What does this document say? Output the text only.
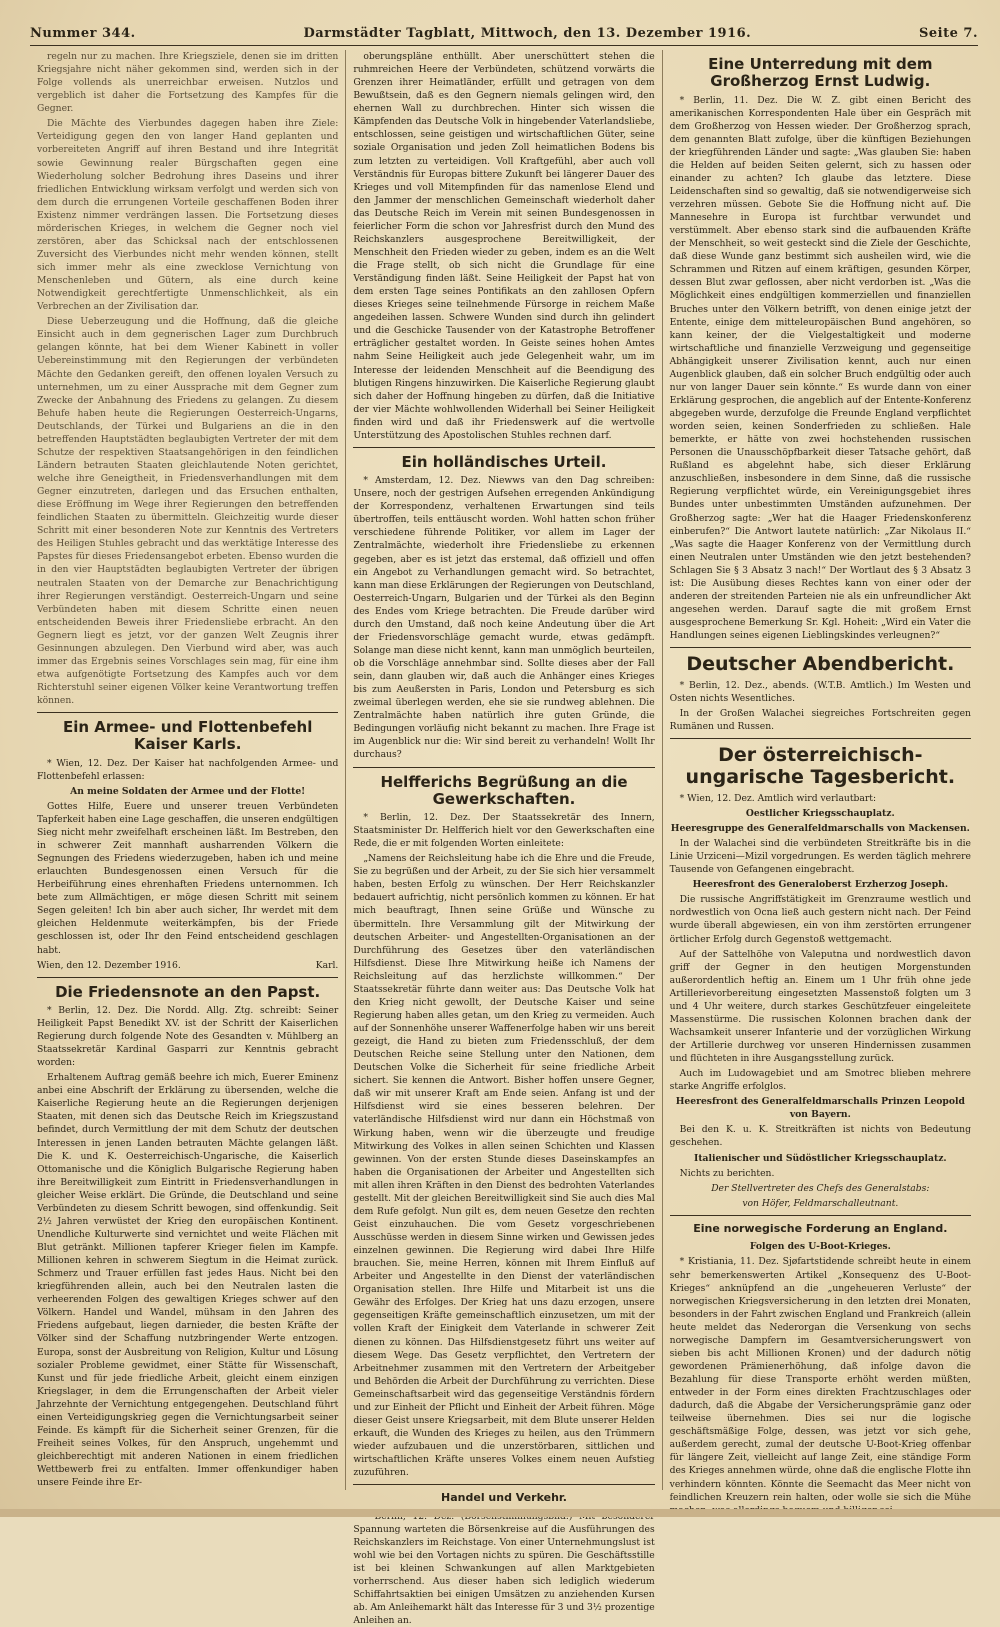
Nummer 344.	Darmstädter Tagblatt, Mittwoch, den 13. Dezember 1916.	Seite 7.

regeln nur zu machen. Ihre Kriegsziele, denen sie im dritten Kriegsjahre nicht näher gekommen sind, werden sich in der Folge vollends als unerreichbar erweisen. Nutzlos und vergeblich ist daher die Fortsetzung des Kampfes für die Gegner.

Die Mächte des Vierbundes dagegen haben ihre Ziele: Verteidigung gegen den von langer Hand geplanten und vorbereiteten Angriff auf ihren Bestand und ihre Integrität sowie Gewinnung realer Bürgschaften gegen eine Wiederholung solcher Bedrohung ihres Daseins und ihrer friedlichen Entwicklung wirksam verfolgt und werden sich von dem durch die errungenen Vorteile geschaffenen Boden ihrer Existenz nimmer verdrängen lassen. Die Fortsetzung dieses mörderischen Krieges, in welchem die Gegner noch viel zerstören, aber das Schicksal nach der entschlossenen Zuversicht des Vierbundes nicht mehr wenden können, stellt sich immer mehr als eine zwecklose Vernichtung von Menschenleben und Gütern, als eine durch keine Notwendigkeit gerechtfertigte Unmenschlichkeit, als ein Verbrechen an der Zivilisation dar.

Diese Ueberzeugung und die Hoffnung, daß die gleiche Einsicht auch in dem gegnerischen Lager zum Durchbruch gelangen könnte, hat bei dem Wiener Kabinett in voller Uebereinstimmung mit den Regierungen der verbündeten Mächte den Gedanken gereift, den offenen loyalen Versuch zu unternehmen, um zu einer Aussprache mit dem Gegner zum Zwecke der Anbahnung des Friedens zu gelangen. Zu diesem Behufe haben heute die Regierungen Oesterreich-Ungarns, Deutschlands, der Türkei und Bulgariens an die in den betreffenden Hauptstädten beglaubigten Vertreter der mit dem Schutze der respektiven Staatsangehörigen in den feindlichen Ländern betrauten Staaten gleichlautende Noten gerichtet, welche ihre Geneigtheit, in Friedensverhandlungen mit dem Gegner einzutreten, darlegen und das Ersuchen enthalten, diese Eröffnung im Wege ihrer Regierungen den betreffenden feindlichen Staaten zu übermitteln. Gleichzeitig wurde dieser Schritt mit einer besonderen Note zur Kenntnis des Vertreters des Heiligen Stuhles gebracht und das werktätige Interesse des Papstes für dieses Friedensangebot erbeten. Ebenso wurden die in den vier Hauptstädten beglaubigten Vertreter der übrigen neutralen Staaten von der Demarche zur Benachrichtigung ihrer Regierungen verständigt. Oesterreich-Ungarn und seine Verbündeten haben mit diesem Schritte einen neuen entscheidenden Beweis ihrer Friedensliebe erbracht. An den Gegnern liegt es jetzt, vor der ganzen Welt Zeugnis ihrer Gesinnungen abzulegen. Den Vierbund wird aber, was auch immer das Ergebnis seines Vorschlages sein mag, für eine ihm etwa aufgenötigte Fortsetzung des Kampfes auch vor dem Richterstuhl seiner eigenen Völker keine Verantwortung treffen können.

Ein Armee- und Flottenbefehl Kaiser Karls.

* Wien, 12. Dez. Der Kaiser hat nachfolgenden Armee- und Flottenbefehl erlassen:

An meine Soldaten der Armee und der Flotte!

Gottes Hilfe, Euere und unserer treuen Verbündeten Tapferkeit haben eine Lage geschaffen, die unseren endgültigen Sieg nicht mehr zweifelhaft erscheinen läßt. Im Bestreben, den in schwerer Zeit mannhaft ausharrenden Völkern die Segnungen des Friedens wiederzugeben, haben ich und meine erlauchten Bundesgenossen einen Versuch für die Herbeiführung eines ehrenhaften Friedens unternommen. Ich bete zum Allmächtigen, er möge diesen Schritt mit seinem Segen geleiten! Ich bin aber auch sicher, Ihr werdet mit dem gleichen Heldenmute weiterkämpfen, bis der Friede geschlossen ist, oder Ihr den Feind entscheidend geschlagen habt.

Wien, den 12. Dezember 1916.	Karl.
Die Friedensnote an den Papst.

* Berlin, 12. Dez. Die Nordd. Allg. Ztg. schreibt: Seiner Heiligkeit Papst Benedikt XV. ist der Schritt der Kaiserlichen Regierung durch folgende Note des Gesandten v. Mühlberg an Staatssekretär Kardinal Gasparri zur Kenntnis gebracht worden:

Erhaltenem Auftrag gemäß beehre ich mich, Euerer Eminenz anbei eine Abschrift der Erklärung zu übersenden, welche die Kaiserliche Regierung heute an die Regierungen derjenigen Staaten, mit denen sich das Deutsche Reich im Kriegszustand befindet, durch Vermittlung der mit dem Schutz der deutschen Interessen in jenen Landen betrauten Mächte gelangen läßt. Die K. und K. Oesterreichisch-Ungarische, die Kaiserlich Ottomanische und die Königlich Bulgarische Regierung haben ihre Bereitwilligkeit zum Eintritt in Friedensverhandlungen in gleicher Weise erklärt. Die Gründe, die Deutschland und seine Verbündeten zu diesem Schritt bewogen, sind offenkundig. Seit 2½ Jahren verwüstet der Krieg den europäischen Kontinent. Unendliche Kulturwerte sind vernichtet und weite Flächen mit Blut getränkt. Millionen tapferer Krieger fielen im Kampfe. Millionen kehren in schwerem Siegtum in die Heimat zurück. Schmerz und Trauer erfüllen fast jedes Haus. Nicht bei den kriegführenden allein, auch bei den Neutralen lasten die verheerenden Folgen des gewaltigen Krieges schwer auf den Völkern. Handel und Wandel, mühsam in den Jahren des Friedens aufgebaut, liegen darnieder, die besten Kräfte der Völker sind der Schaffung nutzbringender Werte entzogen. Europa, sonst der Ausbreitung von Religion, Kultur und Lösung sozialer Probleme gewidmet, einer Stätte für Wissenschaft, Kunst und für jede friedliche Arbeit, gleicht einem einzigen Kriegslager, in dem die Errungenschaften der Arbeit vieler Jahrzehnte der Vernichtung entgegengehen. Deutschland führt einen Verteidigungskrieg gegen die Vernichtungsarbeit seiner Feinde. Es kämpft für die Sicherheit seiner Grenzen, für die Freiheit seines Volkes, für den Anspruch, ungehemmt und gleichberechtigt mit anderen Nationen in einem friedlichen Wettbewerb frei zu entfalten. Immer offenkundiger haben unsere Feinde ihre Er-

oberungspläne enthüllt. Aber unerschüttert stehen die ruhmreichen Heere der Verbündeten, schützend vorwärts die Grenzen ihrer Heimatländer, erfüllt und getragen von dem Bewußtsein, daß es den Gegnern niemals gelingen wird, den ehernen Wall zu durchbrechen. Hinter sich wissen die Kämpfenden das Deutsche Volk in hingebender Vaterlandsliebe, entschlossen, seine geistigen und wirtschaftlichen Güter, seine soziale Organisation und jeden Zoll heimatlichen Bodens bis zum letzten zu verteidigen. Voll Kraftgefühl, aber auch voll Verständnis für Europas bittere Zukunft bei längerer Dauer des Krieges und voll Mitempfinden für das namenlose Elend und den Jammer der menschlichen Gemeinschaft wiederholt daher das Deutsche Reich im Verein mit seinen Bundesgenossen in feierlicher Form die schon vor Jahresfrist durch den Mund des Reichskanzlers ausgesprochene Bereitwilligkeit, der Menschheit den Frieden wieder zu geben, indem es an die Welt die Frage stellt, ob sich nicht die Grundlage für eine Verständigung finden läßt. Seine Heiligkeit der Papst hat von dem ersten Tage seines Pontifikats an den zahllosen Opfern dieses Krieges seine teilnehmende Fürsorge in reichem Maße angedeihen lassen. Schwere Wunden sind durch ihn gelindert und die Geschicke Tausender von der Katastrophe Betroffener erträglicher gestaltet worden. In Geiste seines hohen Amtes nahm Seine Heiligkeit auch jede Gelegenheit wahr, um im Interesse der leidenden Menschheit auf die Beendigung des blutigen Ringens hinzuwirken. Die Kaiserliche Regierung glaubt sich daher der Hoffnung hingeben zu dürfen, daß die Initiative der vier Mächte wohlwollenden Widerhall bei Seiner Heiligkeit finden wird und daß ihr Friedenswerk auf die wertvolle Unterstützung des Apostolischen Stuhles rechnen darf.

Ein holländisches Urteil.

* Amsterdam, 12. Dez. Niewws van den Dag schreiben: Unsere, noch der gestrigen Aufsehen erregenden Ankündigung der Korrespondenz, verhaltenen Erwartungen sind teils übertroffen, teils enttäuscht worden. Wohl hatten schon früher verschiedene führende Politiker, vor allem im Lager der Zentralmächte, wiederholt ihre Friedensliebe zu erkennen gegeben, aber es ist jetzt das erstemal, daß offiziell und offen ein Angebot zu Verhandlungen gemacht wird. So betrachtet, kann man diese Erklärungen der Regierungen von Deutschland, Oesterreich-Ungarn, Bulgarien und der Türkei als den Beginn des Endes vom Kriege betrachten. Die Freude darüber wird durch den Umstand, daß noch keine Andeutung über die Art der Friedensvorschläge gemacht wurde, etwas gedämpft. Solange man diese nicht kennt, kann man unmöglich beurteilen, ob die Vorschläge annehmbar sind. Sollte dieses aber der Fall sein, dann glauben wir, daß auch die Anhänger eines Krieges bis zum Aeußersten in Paris, London und Petersburg es sich zweimal überlegen werden, ehe sie sie rundweg ablehnen. Die Zentralmächte haben natürlich ihre guten Gründe, die Bedingungen vorläufig nicht bekannt zu machen. Ihre Frage ist im Augenblick nur die: Wir sind bereit zu verhandeln! Wollt Ihr durchaus?

Helfferichs Begrüßung an die Gewerkschaften.

* Berlin, 12. Dez. Der Staatssekretär des Innern, Staatsminister Dr. Helfferich hielt vor den Gewerkschaften eine Rede, die er mit folgenden Worten einleitete:

„Namens der Reichsleitung habe ich die Ehre und die Freude, Sie zu begrüßen und der Arbeit, zu der Sie sich hier versammelt haben, besten Erfolg zu wünschen. Der Herr Reichskanzler bedauert aufrichtig, nicht persönlich kommen zu können. Er hat mich beauftragt, Ihnen seine Grüße und Wünsche zu übermitteln. Ihre Versammlung gilt der Mitwirkung der deutschen Arbeiter- und Angestellten-Organisationen an der Durchführung des Gesetzes über den vaterländischen Hilfsdienst. Diese Ihre Mitwirkung heiße ich Namens der Reichsleitung auf das herzlichste willkommen.“ Der Staatssekretär führte dann weiter aus: Das Deutsche Volk hat den Krieg nicht gewollt, der Deutsche Kaiser und seine Regierung haben alles getan, um den Krieg zu vermeiden. Auch auf der Sonnenhöhe unserer Waffenerfolge haben wir uns bereit gezeigt, die Hand zu bieten zum Friedensschluß, der dem Deutschen Reiche seine Stellung unter den Nationen, dem Deutschen Volke die Sicherheit für seine friedliche Arbeit sichert. Sie kennen die Antwort. Bisher hoffen unsere Gegner, daß wir mit unserer Kraft am Ende seien. Anfang ist und der Hilfsdienst wird sie eines besseren belehren. Der vaterländische Hilfsdienst wird nur dann ein Höchstmaß von Wirkung haben, wenn wir die überzeugte und freudige Mitwirkung des Volkes in allen seinen Schichten und Klassen gewinnen. Von der ersten Stunde dieses Daseinskampfes an haben die Organisationen der Arbeiter und Angestellten sich mit allen ihren Kräften in den Dienst des bedrohten Vaterlandes gestellt. Mit der gleichen Bereitwilligkeit sind Sie auch dies Mal dem Rufe gefolgt. Nun gilt es, dem neuen Gesetze den rechten Geist einzuhauchen. Die vom Gesetz vorgeschriebenen Ausschüsse werden in diesem Sinne wirken und Gewissen jedes einzelnen gewinnen. Die Regierung wird dabei Ihre Hilfe brauchen. Sie, meine Herren, können mit Ihrem Einfluß auf Arbeiter und Angestellte in den Dienst der vaterländischen Organisation stellen. Ihre Hilfe und Mitarbeit ist uns die Gewähr des Erfolges. Der Krieg hat uns dazu erzogen, unsere gegenseitigen Kräfte gemeinschaftlich einzusetzen, um mit der vollen Kraft der Einigkeit dem Vaterlande in schwerer Zeit dienen zu können. Das Hilfsdienstgesetz führt uns weiter auf diesem Wege. Das Gesetz verpflichtet, den Vertretern der Arbeitnehmer zusammen mit den Vertretern der Arbeitgeber und Behörden die Arbeit der Durchführung zu verrichten. Diese Gemeinschaftsarbeit wird das gegenseitige Verständnis fördern und zur Einheit der Pflicht und Einheit der Arbeit führen. Möge dieser Geist unsere Kriegsarbeit, mit dem Blute unserer Helden erkauft, die Wunden des Krieges zu heilen, aus den Trümmern wieder aufzubauen und die unzerstörbaren, sittlichen und wirtschaftlichen Kräfte unseres Volkes einem neuen Aufstieg zuzuführen.

Handel und Verkehr.

Spannung warteten die Börsenkreise auf die Ausführungen des Reichskanzlers im Reichstage. Von einer Unternehmungslust ist wohl wie bei den Vortagen nichts zu spüren. Die Geschäftsstille ist bei kleinen Schwankungen auf allen Marktgebieten vorherrschend. Aus dieser haben sich lediglich wiederum Schiffahrtsaktien bei einigen Umsätzen zu anziehenden Kursen ab. Am Anleihemarkt hält das Interesse für 3 und 3½ prozentige Anleihen an.

Eine Unterredung mit dem Großherzog Ernst Ludwig.

* Berlin, 11. Dez. Die W. Z. gibt einen Bericht des amerikanischen Korrespondenten Hale über ein Gespräch mit dem Großherzog von Hessen wieder. Der Großherzog sprach, dem genannten Blatt zufolge, über die künftigen Beziehungen der kriegführenden Länder und sagte: „Was glauben Sie: haben die Helden auf beiden Seiten gelernt, sich zu hassen oder einander zu achten? Ich glaube das letztere. Diese Leidenschaften sind so gewaltig, daß sie notwendigerweise sich verzehren müssen. Gebote Sie die Hoffnung nicht auf. Die Mannesehre in Europa ist furchtbar verwundet und verstümmelt. Aber ebenso stark sind die aufbauenden Kräfte der Menschheit, so weit gesteckt sind die Ziele der Geschichte, daß diese Wunde ganz bestimmt sich ausheilen wird, wie die Schrammen und Ritzen auf einem kräftigen, gesunden Körper, dessen Blut zwar geflossen, aber nicht verdorben ist. „Was die Möglichkeit eines endgültigen kommerziellen und finanziellen Bruches unter den Völkern betrifft, von denen einige jetzt der Entente, einige dem mitteleuropäischen Bund angehören, so kann keiner, der die Vielgestaltigkeit und moderne wirtschaftliche und finanzielle Verzweigung und gegenseitige Abhängigkeit unserer Zivilisation kennt, auch nur einen Augenblick glauben, daß ein solcher Bruch endgültig oder auch nur von langer Dauer sein könnte.“ Es wurde dann von einer Erklärung gesprochen, die angeblich auf der Entente-Konferenz abgegeben wurde, derzufolge die Freunde England verpflichtet worden seien, keinen Sonderfrieden zu schließen. Hale bemerkte, er hätte von zwei hochstehenden russischen Personen die Unausschöpfbarkeit dieser Tatsache gehört, daß Rußland es abgelehnt habe, sich dieser Erklärung anzuschließen, insbesondere in dem Sinne, daß die russische Regierung verpflichtet würde, ein Vereinigungsgebiet ihres Bundes unter unbestimmten Umständen aufzunehmen. Der Großherzog sagte: „Wer hat die Haager Friedenskonferenz einberufen?“ Die Antwort lautete natürlich: „Zar Nikolaus II.“ „Was sagte die Haager Konferenz von der Vermittlung durch einen Neutralen unter Umständen wie den jetzt bestehenden? Schlagen Sie § 3 Absatz 3 nach!“ Der Wortlaut des § 3 Absatz 3 ist: Die Ausübung dieses Rechtes kann von einer oder der anderen der streitenden Parteien nie als ein unfreundlicher Akt angesehen werden. Darauf sagte die mit großem Ernst ausgesprochene Bemerkung Sr. Kgl. Hoheit: „Wird ein Vater die Handlungen seines eigenen Lieblingskindes verleugnen?“

Deutscher Abendbericht.

* Berlin, 12. Dez., abends. (W.T.B. Amtlich.) Im Westen und Osten nichts Wesentliches.

In der Großen Walachei siegreiches Fortschreiten gegen Rumänen und Russen.

Der österreichisch-ungarische Tagesbericht.

* Wien, 12. Dez. Amtlich wird verlautbart:

Oestlicher Kriegsschauplatz.

Heeresgruppe des Generalfeldmarschalls von Mackensen.

In der Walachei sind die verbündeten Streitkräfte bis in die Linie Urziceni—Mizil vorgedrungen. Es werden täglich mehrere Tausende von Gefangenen eingebracht.

Heeresfront des Generaloberst Erzherzog Joseph.

Die russische Angriffstätigkeit im Grenzraume westlich und nordwestlich von Ocna ließ auch gestern nicht nach. Der Feind wurde überall abgewiesen, ein von ihm zerstörten errungener örtlicher Erfolg durch Gegenstoß wettgemacht.

Auf der Sattelhöhe von Valeputna und nordwestlich davon griff der Gegner in den heutigen Morgenstunden außerordentlich heftig an. Einem um 1 Uhr früh ohne jede Artillerievorbereitung eingesetzten Massenstoß folgten um 3 und 4 Uhr weitere, durch starkes Geschützfeuer eingeleitete Massenstürme. Die russischen Kolonnen brachen dank der Wachsamkeit unserer Infanterie und der vorzüglichen Wirkung der Artillerie durchweg vor unseren Hindernissen zusammen und flüchteten in ihre Ausgangsstellung zurück.

Auch im Ludowagebiet und am Smotrec blieben mehrere starke Angriffe erfolglos.

Heeresfront des Generalfeldmarschalls Prinzen Leopold von Bayern.

Bei den K. u. K. Streitkräften ist nichts von Bedeutung geschehen.

Italienischer und Südöstlicher Kriegsschauplatz.

Nichts zu berichten.

Der Stellvertreter des Chefs des Generalstabs:

von Höfer, Feldmarschalleutnant.

Eine norwegische Forderung an England.

Folgen des U-Boot-Krieges.

* Kristiania, 11. Dez. Sjøfartstidende schreibt heute in einem sehr bemerkenswerten Artikel „Konsequenz des U-Boot-Krieges“ anknüpfend an die „ungeheueren Verluste“ der norwegischen Kriegsversicherung in den letzten drei Monaten, besonders in der Fahrt zwischen England und Frankreich (allein heute meldet das Nederorgan die Versenkung von sechs norwegische Dampfern im Gesamtversicherungswert von sieben bis acht Millionen Kronen) und der dadurch nötig gewordenen Prämienerhöhung, daß infolge davon die Bezahlung für diese Transporte erhöht werden müßten, entweder in der Form eines direkten Frachtzuschlages oder dadurch, daß die Abgabe der Versicherungsprämie ganz oder teilweise übernehmen. Dies sei nur die logische geschäftsmäßige Folge, dessen, was jetzt vor sich gehe, außerdem gerecht, zumal der deutsche U-Boot-Krieg offenbar für längere Zeit, vielleicht auf lange Zeit, eine ständige Form des Krieges annehmen würde, ohne daß die englische Flotte ihn verhindern könnten. Könnte die Seemacht das Meer nicht von feindlichen Kreuzern rein halten, oder wolle sie sich die Mühe
